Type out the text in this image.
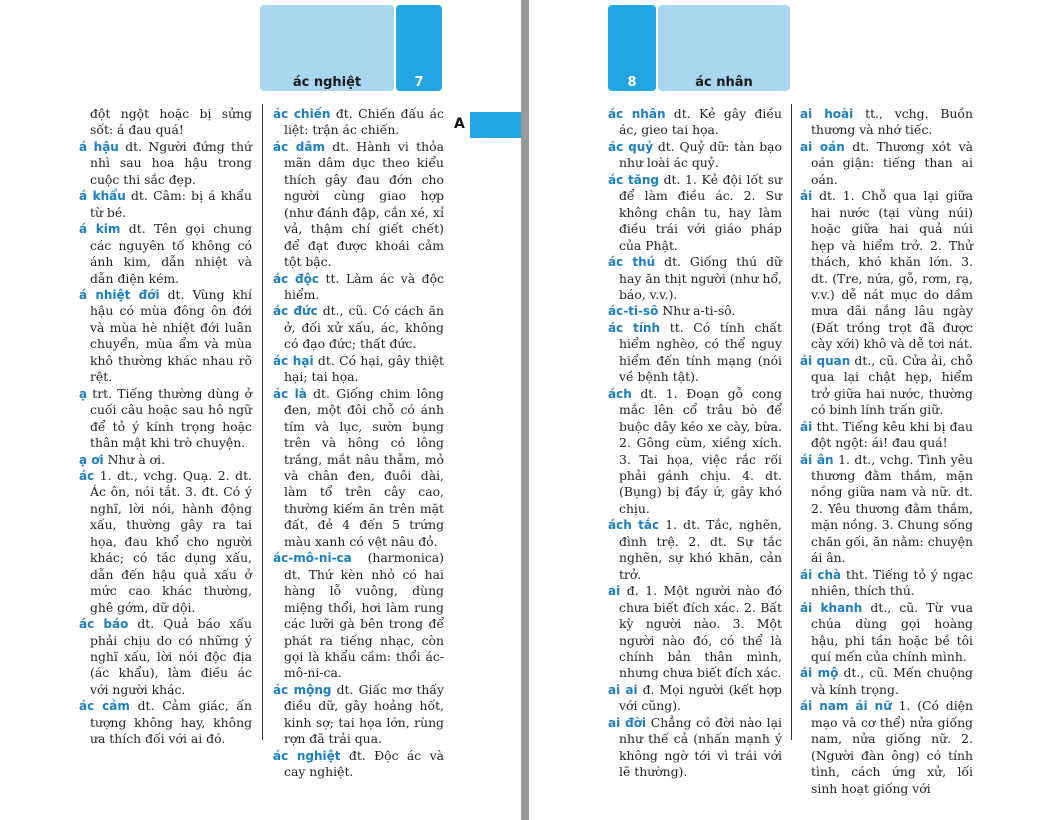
ác nghiệt	7

đột ngột hoặc bị sửng sốt: á đau quá!

á hậu dt. Người đứng thứ nhì sau hoa hậu trong cuộc thi sắc đẹp.

á khẩu dt. Câm: bị á khẩu từ bé.

á kim dt. Tên gọi chung các nguyên tố không có ánh kim, dẫn nhiệt và dẫn điện kém.

á nhiệt đới dt. Vùng khí hậu có mùa đông ôn đới và mùa hè nhiệt đới luân chuyển, mùa ẩm và mùa khô thường khác nhau rõ rệt.

ạ trt. Tiếng thường dùng ở cuối câu hoặc sau hô ngữ để tỏ ý kính trọng hoặc thân mật khi trò chuyện.

ạ ơi Như à ơi.

ác 1. dt., vchg. Quạ. 2. dt. Ác ôn, nói tắt. 3. đt. Có ý nghĩ, lời nói, hành động xấu, thường gây ra tai họa, đau khổ cho người khác; có tác dụng xấu, dẫn đến hậu quả xấu ở mức cao khác thường, ghê gớm, dữ dội.

ác báo dt. Quả báo xấu phải chịu do có những ý nghĩ xấu, lời nói độc địa (ác khẩu), làm điều ác với người khác.

ác cảm dt. Cảm giác, ấn tượng không hay, không ưa thích đối với ai đó.

ác chiến đt. Chiến đấu ác liệt: trận ác chiến.

ác dâm dt. Hành vi thỏa mãn dâm dục theo kiểu thích gây đau đớn cho người cùng giao hợp (như đánh đập, cắn xé, xỉ vả, thậm chí giết chết) để đạt được khoái cảm tột bậc.

ác độc tt. Làm ác và độc hiểm.

ác đức dt., cũ. Có cách ăn ở, đối xử xấu, ác, không có đạo đức; thất đức.

ác hại dt. Có hại, gây thiệt hại; tai họa.

ác là dt. Giống chim lông đen, một đôi chỗ có ánh tím và lục, sườn bụng trên và hông có lông trắng, mắt nâu thẫm, mỏ và chân đen, đuôi dài, làm tổ trên cây cao, thường kiếm ăn trên mặt đất, đẻ 4 đến 5 trứng màu xanh có vệt nâu đỏ.

ác-mô-ni-ca (harmonica) dt. Thứ kèn nhỏ có hai hàng lỗ vuông, dùng miệng thổi, hơi làm rung các lưỡi gà bên trong để phát ra tiếng nhạc, còn gọi là khẩu cầm: thổi ác-mô-ni-ca.

ác mộng dt. Giấc mơ thấy điều dữ, gây hoảng hốt, kinh sợ; tai họa lớn, rùng rợn đã trải qua.

ác nghiệt đt. Độc ác và cay nghiệt.

A
8	ác nhân

ác nhân dt. Kẻ gây điều ác, gieo tai họa.

ác quỷ dt. Quỷ dữ: tàn bạo như loài ác quỷ.

ác tăng dt. 1. Kẻ đội lốt sư để làm điều ác. 2. Sư không chân tu, hay làm điều trái với giáo pháp của Phật.

ác thú dt. Giống thú dữ hay ăn thịt người (như hổ, báo, v.v.).

ác-ti-sô Như a-ti-sô.

ác tính tt. Có tính chất hiểm nghèo, có thể nguy hiểm đến tính mạng (nói về bệnh tật).

ách dt. 1. Đoạn gỗ cong mắc lên cổ trâu bò để buộc dây kéo xe cày, bừa. 2. Gông cùm, xiềng xích. 3. Tai họa, việc rắc rối phải gánh chịu. 4. dt. (Bụng) bị đầy ứ, gây khó chịu.

ách tắc 1. dt. Tắc, nghẽn, đình trệ. 2. dt. Sự tắc nghẽn, sự khó khăn, cản trở.

ai đ. 1. Một người nào đó chưa biết đích xác. 2. Bất kỳ người nào. 3. Một người nào đó, có thể là chính bản thân mình, nhưng chưa biết đích xác.

ai ai đ. Mọi người (kết hợp với cũng).

ai đời Chẳng có đời nào lại như thế cả (nhấn mạnh ý không ngờ tới vì trái với lẽ thường).

ai hoài tt., vchg. Buồn thương và nhớ tiếc.

ai oán dt. Thương xót và oán giận: tiếng than ai oán.

ải dt. 1. Chỗ qua lại giữa hai nước (tại vùng núi) hoặc giữa hai quả núi hẹp và hiểm trở. 2. Thử thách, khó khăn lớn. 3. dt. (Tre, nứa, gỗ, rơm, rạ, v.v.) dễ nát mục do dầm mưa dãi nắng lâu ngày (Đất trồng trọt đã được cày xới) khô và dễ tơi nát.

ải quan dt., cũ. Cửa ải, chỗ qua lại chật hẹp, hiểm trở giữa hai nước, thường có binh lính trấn giữ.

ái tht. Tiếng kêu khi bị đau đột ngột: ái! đau quá!

ái ân 1. dt., vchg. Tình yêu thương đằm thắm, mặn nồng giữa nam và nữ. dt. 2. Yêu thương đằm thắm, mặn nồng. 3. Chung sống chăn gối, ăn nằm: chuyện ái ân.

ái chà tht. Tiếng tỏ ý ngạc nhiên, thích thú.

ái khanh dt., cũ. Từ vua chúa dùng gọi hoàng hậu, phi tần hoặc bề tôi quí mến của chính mình.

ái mộ dt., cũ. Mến chuộng và kính trọng.

ái nam ái nữ 1. (Có diện mạo và cơ thể) nửa giống nam, nửa giống nữ. 2. (Người đàn ông) có tính tình, cách ứng xử, lối sinh hoạt giống với
